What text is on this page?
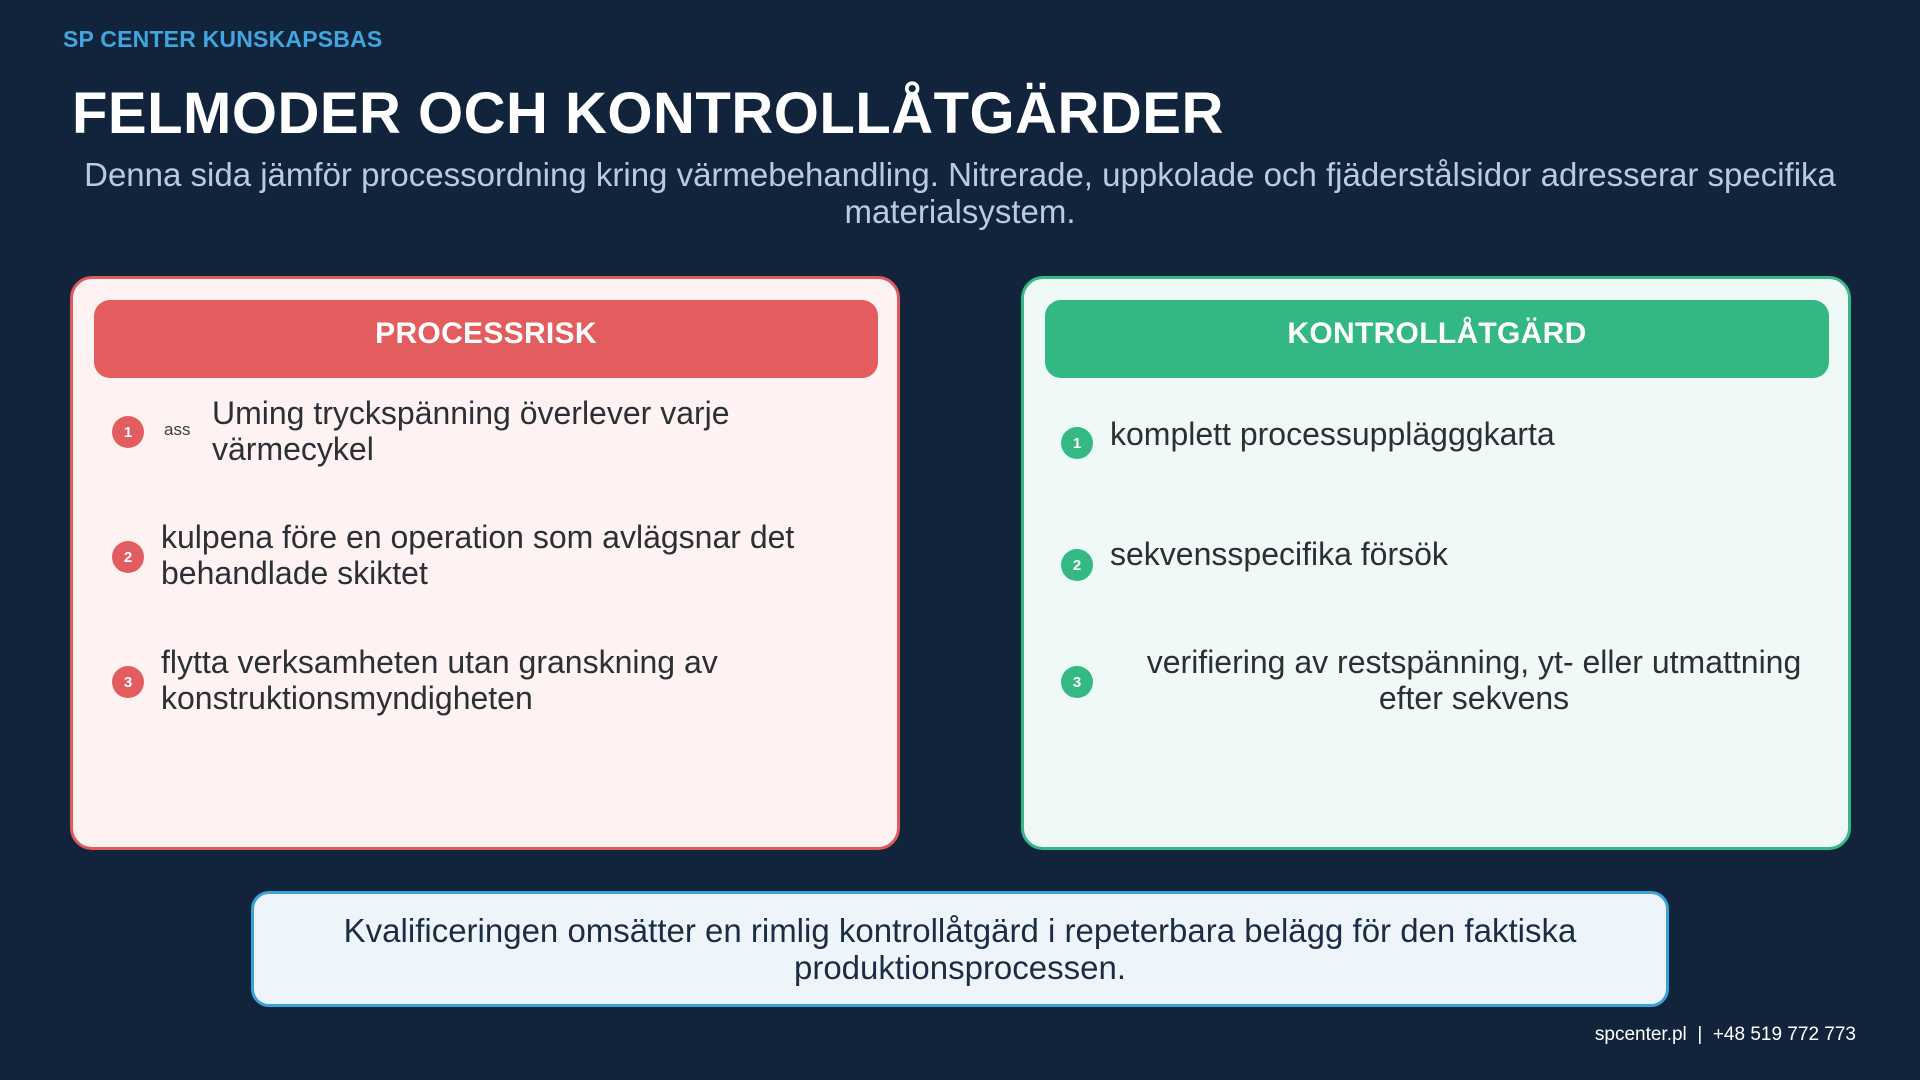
SP CENTER KUNSKAPSBAS
FELMODER OCH KONTROLLÅTGÄRDER
Denna sida jämför processordning kring värmebehandling. Nitrerade, uppkolade och fjäderstålsidor adresserar specifika materialsystem.
PROCESSRISK
1	ass Uming tryckspänning överlever varje värmecykel
2
kulpena före en operation som avlägsnar det behandlade skiktet
3
flytta verksamheten utan granskning av konstruktionsmyndigheten
KONTROLLÅTGÄRD
1 komplett processupplägggkarta
2 sekvensspecifika försök
3
verifiering av restspänning, yt- eller utmattning efter sekvens
Kvalificeringen omsätter en rimlig kontrollåtgärd i repeterbara belägg för den faktiska produktionsprocessen.
spcenter.pl  |  +48 519 772 773
